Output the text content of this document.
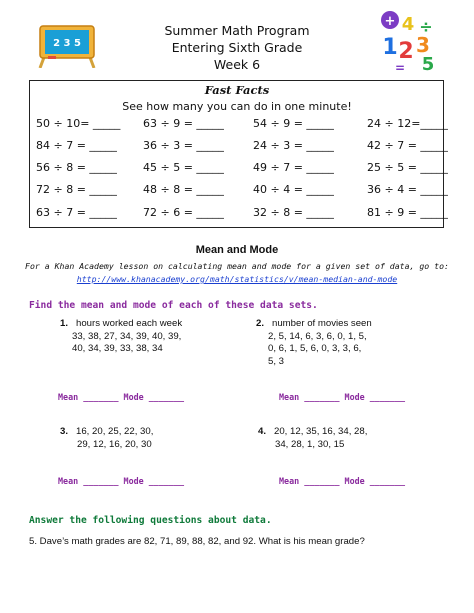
2 3 5
+ 4 ÷
1 2 3
5
=
Summer Math Program
Entering Sixth Grade
Week 6
Fast Facts
See how many you can do in one minute!
50 ÷ 10= _____ 63 ÷ 9 = _____	54 ÷ 9 = _____	24 ÷ 12=_____
84 ÷ 7 = _____ 36 ÷ 3 = _____	24 ÷ 3 = _____	42 ÷ 7 = _____
56 ÷ 8 = _____ 45 ÷ 5 = _____	49 ÷ 7 = _____	25 ÷ 5 = _____
72 ÷ 8 = _____ 48 ÷ 8 = _____	40 ÷ 4 = _____	36 ÷ 4 = _____
63 ÷ 7 = _____ 72 ÷ 6 = _____	32 ÷ 8 = _____	81 ÷ 9 = _____
Mean and Mode
For a Khan Academy lesson on calculating mean and mode for a given set of data, go to:
http://www.khanacademy.org/math/statistics/v/mean-median-and-mode
Find the mean and mode of each of these data sets.
1. hours worked each week
33, 38, 27, 34, 39, 40, 39,
40, 34, 39, 33, 38, 34
2. number of movies seen
2, 5, 14, 6, 3, 6, 0, 1, 5,
0, 6, 1, 5, 6, 0, 3, 3, 6,
5, 3
Mean _______ Mode _______	Mean _______ Mode _______
3. 16, 20, 25, 22, 30,
29, 12, 16, 20, 30
4. 20, 12, 35, 16, 34, 28,
34, 28, 1, 30, 15
Mean _______ Mode _______	Mean _______ Mode _______
Answer the following questions about data.
5. Dave’s math grades are 82, 71, 89, 88, 82, and 92. What is his mean grade?
